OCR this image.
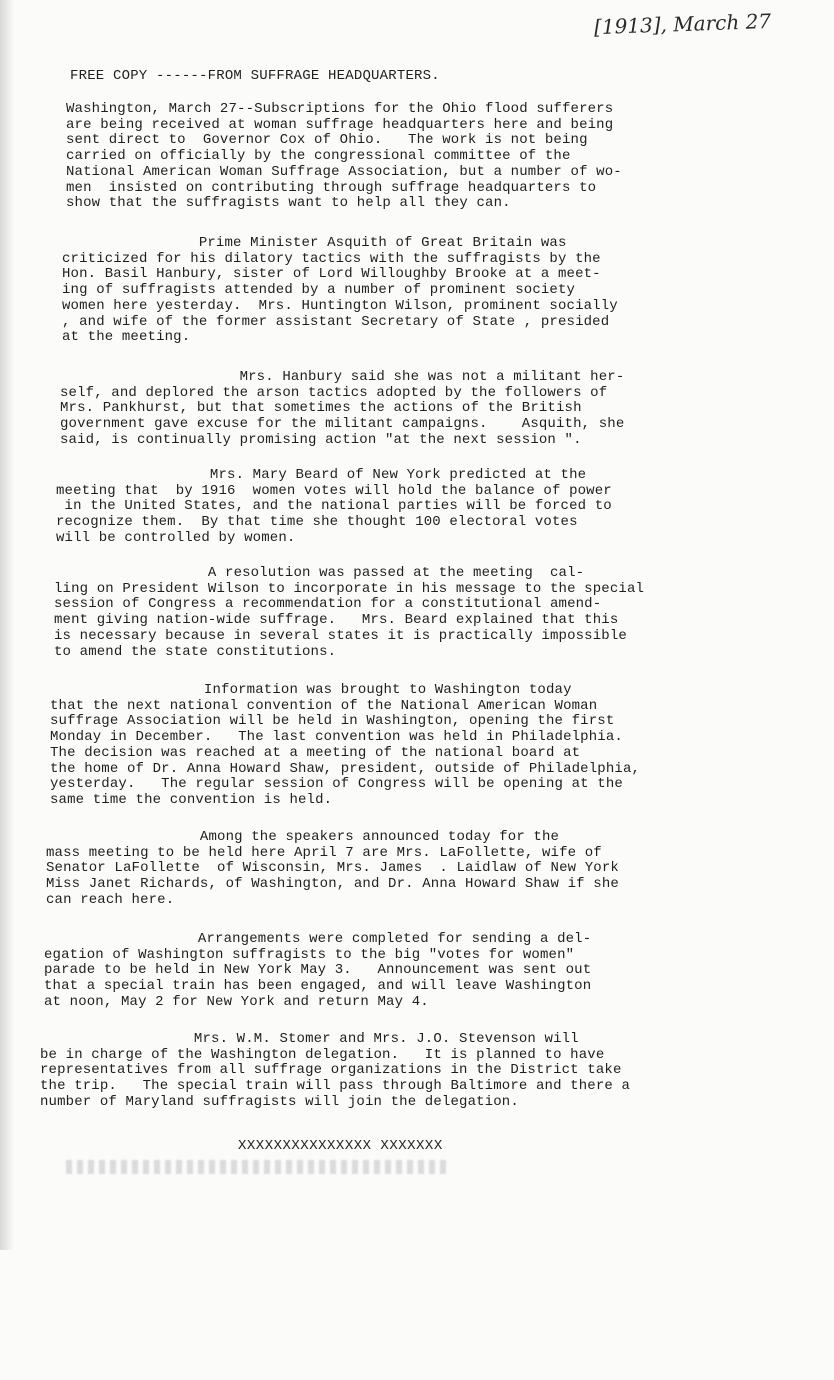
[1913], March 27
FREE COPY ------FROM SUFFRAGE HEADQUARTERS.
Washington, March 27--Subscriptions for the Ohio flood sufferers
are being received at woman suffrage headquarters here and being
sent direct to  Governor Cox of Ohio.   The work is not being
carried on officially by the congressional committee of the
National American Woman Suffrage Association, but a number of wo-
men  insisted on contributing through suffrage headquarters to
show that the suffragists want to help all they can.
Prime Minister Asquith of Great Britain was
criticized for his dilatory tactics with the suffragists by the
Hon. Basil Hanbury, sister of Lord Willoughby Brooke at a meet-
ing of suffragists attended by a number of prominent society
women here yesterday.  Mrs. Huntington Wilson, prominent socially
, and wife of the former assistant Secretary of State , presided
at the meeting.
Mrs. Hanbury said she was not a militant her-
self, and deplored the arson tactics adopted by the followers of
Mrs. Pankhurst, but that sometimes the actions of the British
government gave excuse for the militant campaigns.    Asquith, she
said, is continually promising action "at the next session ".
Mrs. Mary Beard of New York predicted at the
meeting that  by 1916  women votes will hold the balance of power
in the United States, and the national parties will be forced to
recognize them.  By that time she thought 100 electoral votes
will be controlled by women.
A resolution was passed at the meeting  cal-
ling on President Wilson to incorporate in his message to the special
session of Congress a recommendation for a constitutional amend-
ment giving nation-wide suffrage.   Mrs. Beard explained that this
is necessary because in several states it is practically impossible
to amend the state constitutions.
Information was brought to Washington today
that the next national convention of the National American Woman
suffrage Association will be held in Washington, opening the first
Monday in December.   The last convention was held in Philadelphia.
The decision was reached at a meeting of the national board at
the home of Dr. Anna Howard Shaw, president, outside of Philadelphia,
yesterday.   The regular session of Congress will be opening at the
same time the convention is held.
Among the speakers announced today for the
mass meeting to be held here April 7 are Mrs. LaFollette, wife of
Senator LaFollette  of Wisconsin, Mrs. James  . Laidlaw of New York
Miss Janet Richards, of Washington, and Dr. Anna Howard Shaw if she
can reach here.
Arrangements were completed for sending a del-
egation of Washington suffragists to the big "votes for women"
parade to be held in New York May 3.   Announcement was sent out
that a special train has been engaged, and will leave Washington
at noon, May 2 for New York and return May 4.
Mrs. W.M. Stomer and Mrs. J.O. Stevenson will
be in charge of the Washington delegation.   It is planned to have
representatives from all suffrage organizations in the District take
the trip.   The special train will pass through Baltimore and there a
number of Maryland suffragists will join the delegation.
XXXXXXXXXXXXXXX XXXXXXX
